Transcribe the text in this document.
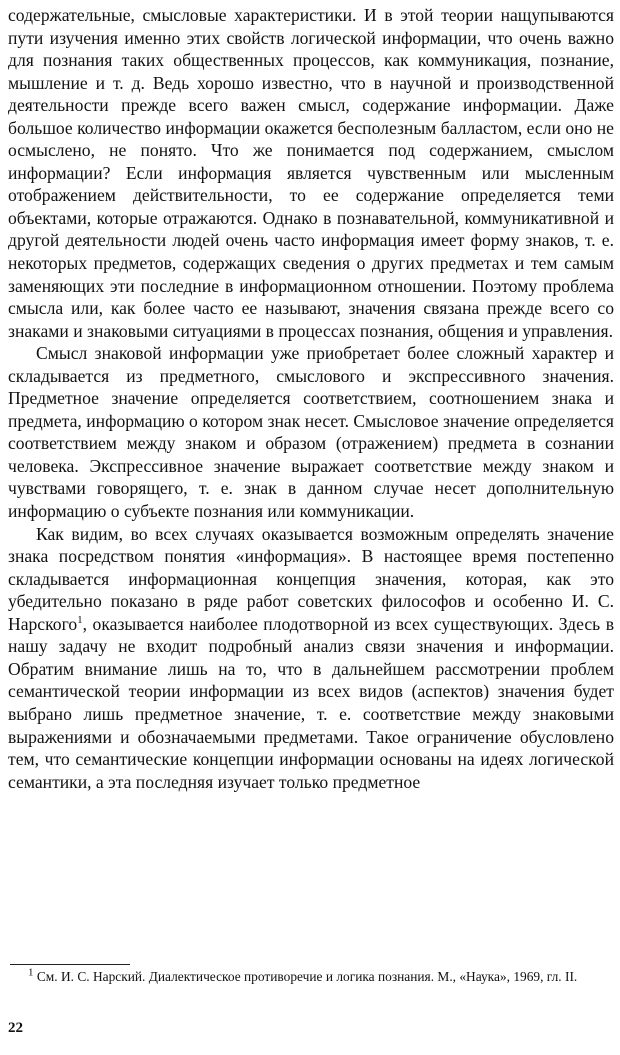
содержательные, смысловые характеристики. И в этой теории нащупываются пути изучения именно этих свойств логической информации, что очень важно для познания таких общественных процессов, как коммуникация, познание, мышление и т. д. Ведь хорошо известно, что в научной и производственной деятельности прежде всего важен смысл, содержание информации. Даже большое количество информации окажется бесполезным балластом, если оно не осмыслено, не понято. Что же понимается под содержанием, смыслом информации? Если информация является чувственным или мысленным отображением действительности, то ее содержание определяется теми объектами, которые отражаются. Однако в познавательной, коммуникативной и другой деятельности людей очень часто информация имеет форму знаков, т. е. некоторых предметов, содержащих сведения о других предметах и тем самым заменяющих эти последние в информационном отношении. Поэтому проблема смысла или, как более часто ее называют, значения связана прежде всего со знаками и знаковыми ситуациями в процессах познания, общения и управления.

Смысл знаковой информации уже приобретает более сложный характер и складывается из предметного, смыслового и экспрессивного значения. Предметное значение определяется соответствием, соотношением знака и предмета, информацию о котором знак несет. Смысловое значение определяется соответствием между знаком и образом (отражением) предмета в сознании человека. Экспрессивное значение выражает соответствие между знаком и чувствами говорящего, т. е. знак в данном случае несет дополнительную информацию о субъекте познания или коммуникации.

Как видим, во всех случаях оказывается возможным определять значение знака посредством понятия «информация». В настоящее время постепенно складывается информационная концепция значения, которая, как это убедительно показано в ряде работ советских философов и особенно И. С. Нарского$^1$, оказывается наиболее плодотворной из всех существующих. Здесь в нашу задачу не входит подробный анализ связи значения и информации. Обратим внимание лишь на то, что в дальнейшем рассмотрении проблем семантической теории информации из всех видов (аспектов) значения будет выбрано лишь предметное значение, т. е. соответствие между знаковыми выражениями и обозначаемыми предметами. Такое ограничение обусловлено тем, что семантические концепции информации основаны на идеях логической семантики, а эта последняя изучает только предметное

$^1$ См. И. С. Нарский. Диалектическое противоречие и логика познания. М., «Наука», 1969, гл. II.
22
